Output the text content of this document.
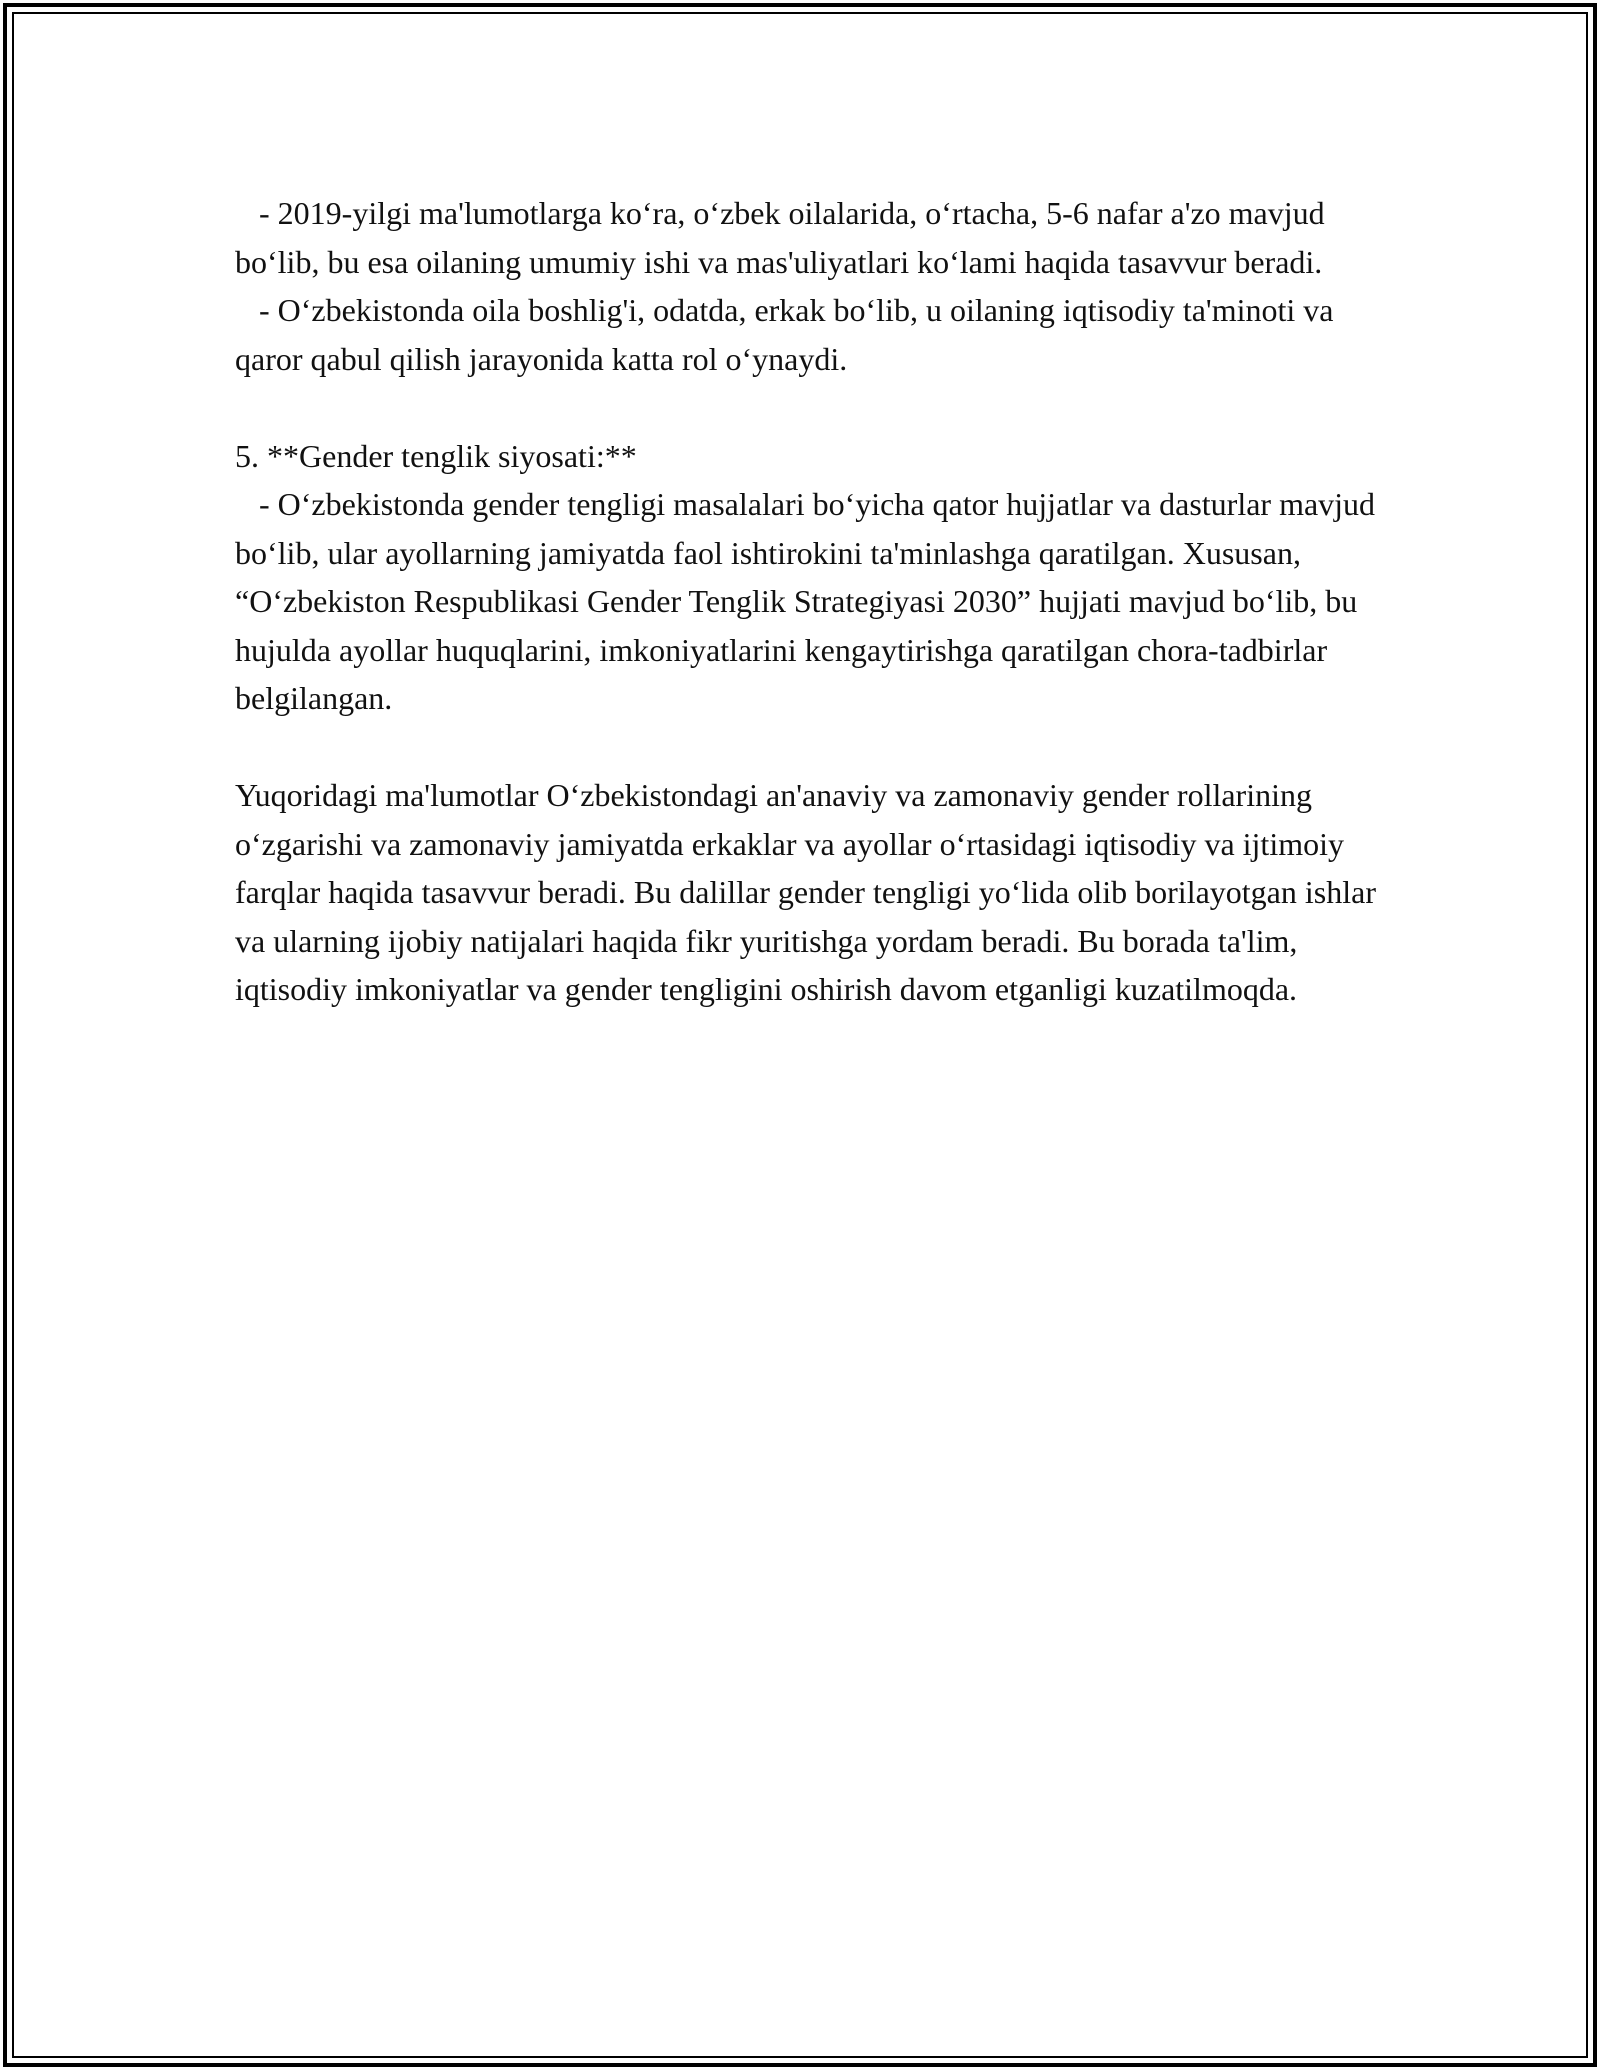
- 2019-yilgi ma'lumotlarga ko‘ra, o‘zbek oilalarida, o‘rtacha, 5-6 nafar a'zo mavjud bo‘lib, bu esa oilaning umumiy ishi va mas'uliyatlari ko‘lami haqida tasavvur beradi.

- O‘zbekistonda oila boshlig'i, odatda, erkak bo‘lib, u oilaning iqtisodiy ta'minoti va qaror qabul qilish jarayonida katta rol o‘ynaydi.

5. **Gender tenglik siyosati:**

- O‘zbekistonda gender tengligi masalalari bo‘yicha qator hujjatlar va dasturlar mavjud bo‘lib, ular ayollarning jamiyatda faol ishtirokini ta'minlashga qaratilgan. Xususan, “O‘zbekiston Respublikasi Gender Tenglik Strategiyasi 2030” hujjati mavjud bo‘lib, bu hujulda ayollar huquqlarini, imkoniyatlarini kengaytirishga qaratilgan chora-tadbirlar belgilangan.

Yuqoridagi ma'lumotlar O‘zbekistondagi an'anaviy va zamonaviy gender rollarining o‘zgarishi va zamonaviy jamiyatda erkaklar va ayollar o‘rtasidagi iqtisodiy va ijtimoiy farqlar haqida tasavvur beradi. Bu dalillar gender tengligi yo‘lida olib borilayotgan ishlar va ularning ijobiy natijalari haqida fikr yuritishga yordam beradi. Bu borada ta'lim, iqtisodiy imkoniyatlar va gender tengligini oshirish davom etganligi kuzatilmoqda.
